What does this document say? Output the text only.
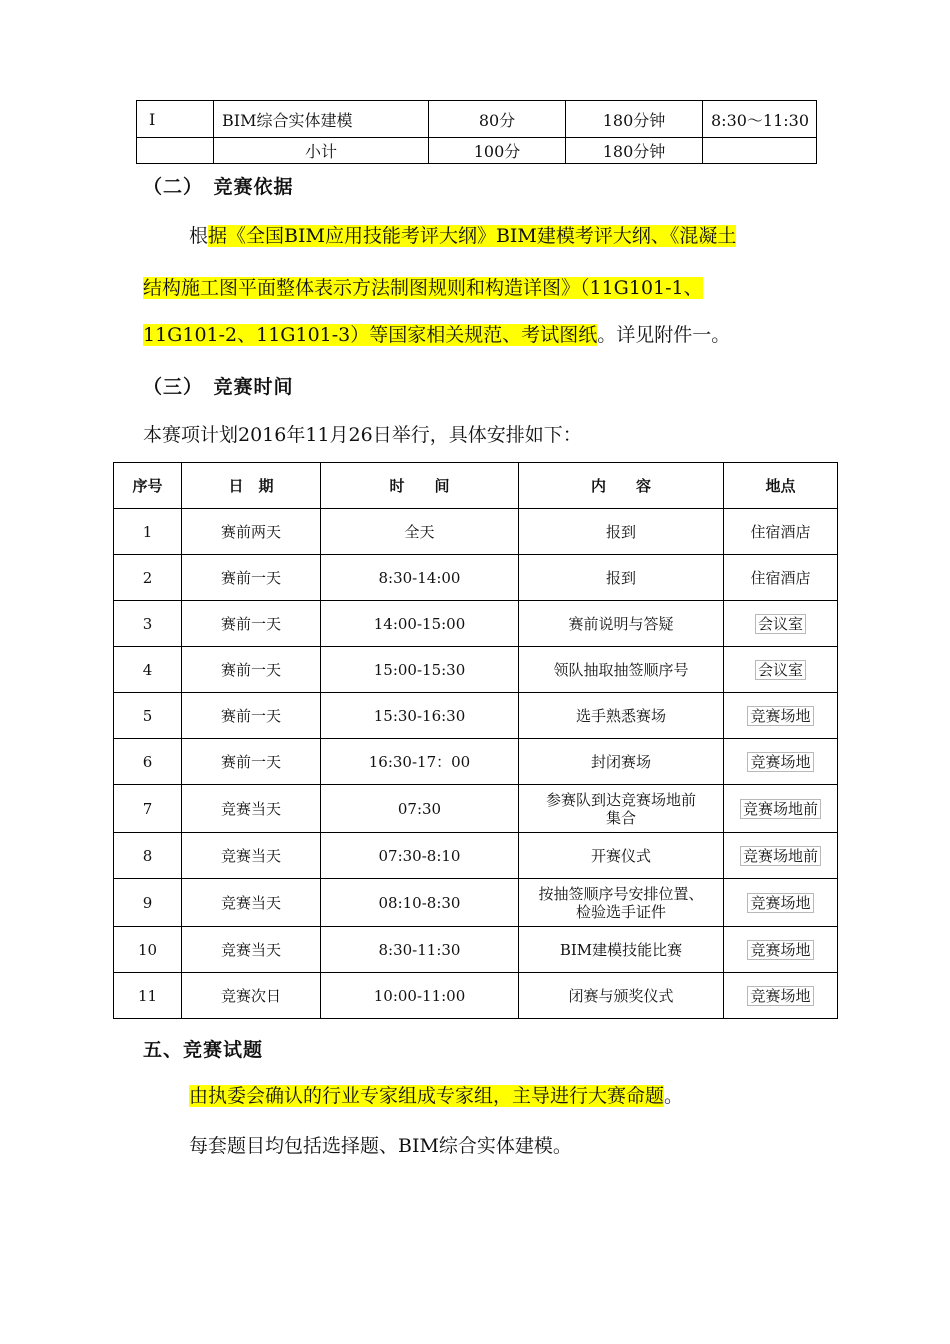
I	BIM综合实体建模	80分	180分钟	8:30～11:30
	小计	100分	180分钟	
（二）　竞赛依据
根据《全国BIM应用技能考评大纲》BIM建模考评大纲、《混凝土
结构施工图平面整体表示方法制图规则和构造详图》（11G101-1、
11G101-2、11G101-3）等国家相关规范、考试图纸。详见附件一。
（三）　竞赛时间
本赛项计划2016年11月26日举行，具体安排如下：
序号	日　期	时　　间	内　　容	地点
1	赛前两天	全天	报到	住宿酒店
2	赛前一天	8:30-14:00	报到	住宿酒店
3	赛前一天	14:00-15:00	赛前说明与答疑	会议室
4	赛前一天	15:00-15:30	领队抽取抽签顺序号	会议室
5	赛前一天	15:30-16:30	选手熟悉赛场	竞赛场地
6	赛前一天	16:30-17：00	封闭赛场	竞赛场地
7	竞赛当天	07:30	参赛队到达竞赛场地前
集合	竞赛场地前
8	竞赛当天	07:30-8:10	开赛仪式	竞赛场地前
9	竞赛当天	08:10-8:30	按抽签顺序号安排位置、
检验选手证件	竞赛场地
10	竞赛当天	8:30-11:30	BIM建模技能比赛	竞赛场地
11	竞赛次日	10:00-11:00	闭赛与颁奖仪式	竞赛场地
五、竞赛试题
由执委会确认的行业专家组成专家组，主导进行大赛命题。
每套题目均包括选择题、BIM综合实体建模。
